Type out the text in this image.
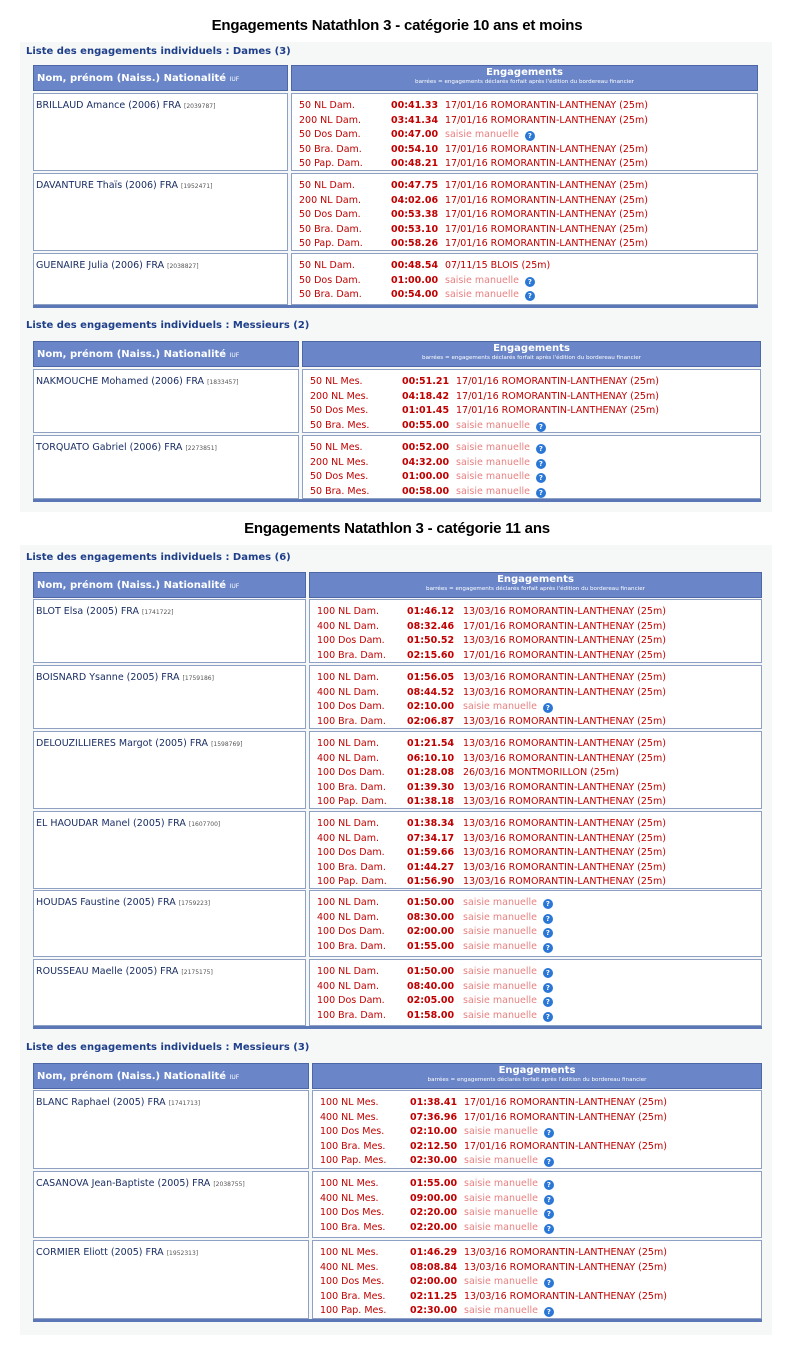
Liste des engagements individuels : Dames (3)
Nom, prénom (Naiss.) Nationalité IUF
Engagements
barrées = engagements déclarés forfait après l'édition du bordereau financier
BRILLAUD Amance (2006) FRA [2039787]	50 NL Dam.	00:41.33 17/01/16 ROMORANTIN-LANTHENAY (25m)
200 NL Dam.	03:41.34 17/01/16 ROMORANTIN-LANTHENAY (25m)
50 Dos Dam.	00:47.00 saisie manuelle ?
50 Bra. Dam.	00:54.10 17/01/16 ROMORANTIN-LANTHENAY (25m)
50 Pap. Dam.	00:48.21 17/01/16 ROMORANTIN-LANTHENAY (25m)
DAVANTURE Thaïs (2006) FRA [1952471]	50 NL Dam.	00:47.75 17/01/16 ROMORANTIN-LANTHENAY (25m)
200 NL Dam.	04:02.06 17/01/16 ROMORANTIN-LANTHENAY (25m)
50 Dos Dam.	00:53.38 17/01/16 ROMORANTIN-LANTHENAY (25m)
50 Bra. Dam.	00:53.10 17/01/16 ROMORANTIN-LANTHENAY (25m)
50 Pap. Dam.	00:58.26 17/01/16 ROMORANTIN-LANTHENAY (25m)
GUENAIRE Julia (2006) FRA [2038827]	50 NL Dam.	00:48.54 07/11/15 BLOIS (25m)
50 Dos Dam.	01:00.00 saisie manuelle ?
50 Bra. Dam.	00:54.00 saisie manuelle ?
Liste des engagements individuels : Messieurs (2)
Nom, prénom (Naiss.) Nationalité IUF
Engagements
barrées = engagements déclarés forfait après l'édition du bordereau financier
NAKMOUCHE Mohamed (2006) FRA [1833457]	50 NL Mes.	00:51.21 17/01/16 ROMORANTIN-LANTHENAY (25m)
200 NL Mes.	04:18.42 17/01/16 ROMORANTIN-LANTHENAY (25m)
50 Dos Mes.	01:01.45 17/01/16 ROMORANTIN-LANTHENAY (25m)
50 Bra. Mes.	00:55.00 saisie manuelle ?
TORQUATO Gabriel (2006) FRA [2273851]	50 NL Mes.	00:52.00 saisie manuelle ?
200 NL Mes.	04:32.00 saisie manuelle ?
50 Dos Mes.	01:00.00 saisie manuelle ?
50 Bra. Mes.	00:58.00 saisie manuelle ?
Engagements Natathlon 3 - catégorie 10 ans et moins
Liste des engagements individuels : Dames (6)
Nom, prénom (Naiss.) Nationalité IUF
Engagements
barrées = engagements déclarés forfait après l'édition du bordereau financier
BLOT Elsa (2005) FRA [1741722]	100 NL Dam.	01:46.12 13/03/16 ROMORANTIN-LANTHENAY (25m)
400 NL Dam.	08:32.46 17/01/16 ROMORANTIN-LANTHENAY (25m)
100 Dos Dam. 01:50.52 13/03/16 ROMORANTIN-LANTHENAY (25m)
100 Bra. Dam. 02:15.60 17/01/16 ROMORANTIN-LANTHENAY (25m)
BOISNARD Ysanne (2005) FRA [1759186]	100 NL Dam.	01:56.05 13/03/16 ROMORANTIN-LANTHENAY (25m)
400 NL Dam.	08:44.52 13/03/16 ROMORANTIN-LANTHENAY (25m)
100 Dos Dam. 02:10.00 saisie manuelle ?
100 Bra. Dam. 02:06.87 13/03/16 ROMORANTIN-LANTHENAY (25m)
DELOUZILLIERES Margot (2005) FRA [1598769]	100 NL Dam.	01:21.54 13/03/16 ROMORANTIN-LANTHENAY (25m)
400 NL Dam.	06:10.10 13/03/16 ROMORANTIN-LANTHENAY (25m)
100 Dos Dam. 01:28.08 26/03/16 MONTMORILLON (25m)
100 Bra. Dam. 01:39.30 13/03/16 ROMORANTIN-LANTHENAY (25m)
100 Pap. Dam. 01:38.18 13/03/16 ROMORANTIN-LANTHENAY (25m)
EL HAOUDAR Manel (2005) FRA [1607700]	100 NL Dam.	01:38.34 13/03/16 ROMORANTIN-LANTHENAY (25m)
400 NL Dam.	07:34.17 13/03/16 ROMORANTIN-LANTHENAY (25m)
100 Dos Dam. 01:59.66 13/03/16 ROMORANTIN-LANTHENAY (25m)
100 Bra. Dam. 01:44.27 13/03/16 ROMORANTIN-LANTHENAY (25m)
100 Pap. Dam. 01:56.90 13/03/16 ROMORANTIN-LANTHENAY (25m)
HOUDAS Faustine (2005) FRA [1759223]	100 NL Dam.	01:50.00 saisie manuelle ?
400 NL Dam.	08:30.00 saisie manuelle ?
100 Dos Dam. 02:00.00 saisie manuelle ?
100 Bra. Dam. 01:55.00 saisie manuelle ?
ROUSSEAU Maelle (2005) FRA [2175175]	100 NL Dam.	01:50.00 saisie manuelle ?
400 NL Dam.	08:40.00 saisie manuelle ?
100 Dos Dam. 02:05.00 saisie manuelle ?
100 Bra. Dam. 01:58.00 saisie manuelle ?
Liste des engagements individuels : Messieurs (3)
Nom, prénom (Naiss.) Nationalité IUF
Engagements
barrées = engagements déclarés forfait après l'édition du bordereau financier
BLANC Raphael (2005) FRA [1741713]	100 NL Mes.	01:38.41 17/01/16 ROMORANTIN-LANTHENAY (25m)
400 NL Mes.	07:36.96 17/01/16 ROMORANTIN-LANTHENAY (25m)
100 Dos Mes.	02:10.00 saisie manuelle ?
100 Bra. Mes.	02:12.50 17/01/16 ROMORANTIN-LANTHENAY (25m)
100 Pap. Mes. 02:30.00 saisie manuelle ?
CASANOVA Jean-Baptiste (2005) FRA [2038755]	100 NL Mes.	01:55.00 saisie manuelle ?
400 NL Mes.	09:00.00 saisie manuelle ?
100 Dos Mes.	02:20.00 saisie manuelle ?
100 Bra. Mes.	02:20.00 saisie manuelle ?
CORMIER Eliott (2005) FRA [1952313]	100 NL Mes.	01:46.29 13/03/16 ROMORANTIN-LANTHENAY (25m)
400 NL Mes.	08:08.84 13/03/16 ROMORANTIN-LANTHENAY (25m)
100 Dos Mes.	02:00.00 saisie manuelle ?
100 Bra. Mes.	02:11.25 13/03/16 ROMORANTIN-LANTHENAY (25m)
100 Pap. Mes. 02:30.00 saisie manuelle ?
Engagements Natathlon 3 - catégorie 11 ans
